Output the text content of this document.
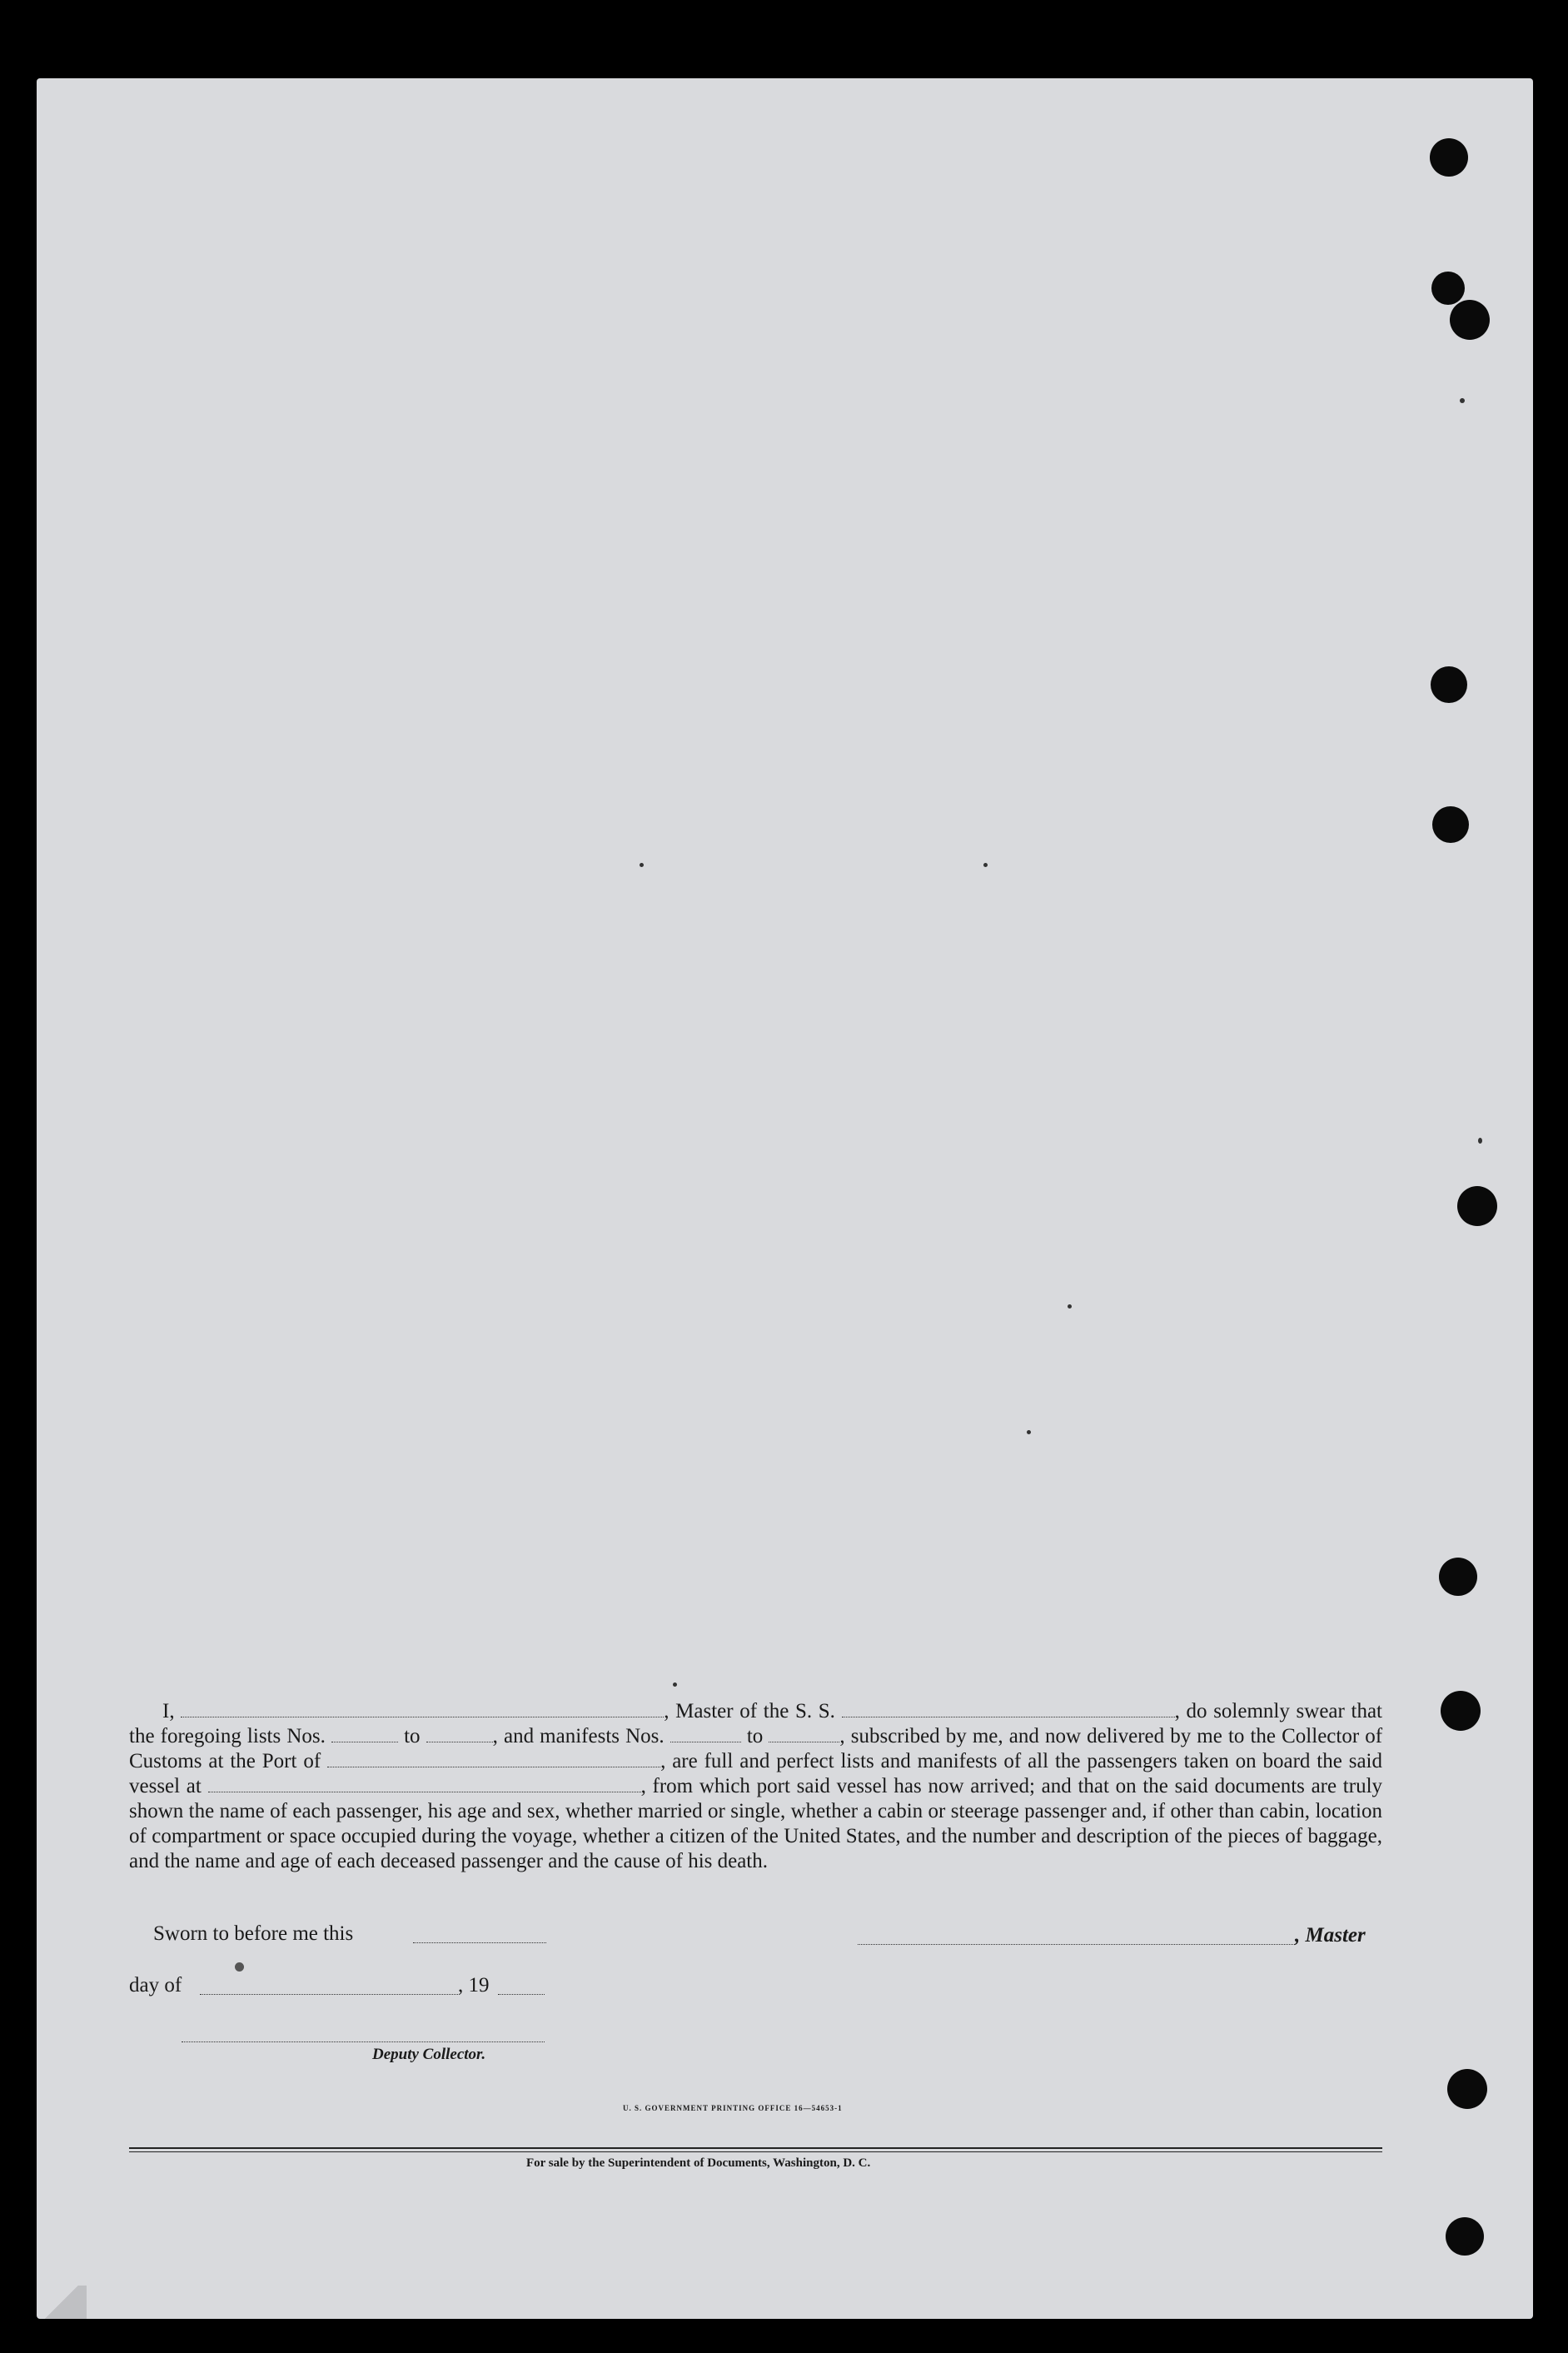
I,	, Master of the S. S.	, do solemnly swear that the foregoing lists Nos.	to	, and manifests Nos.	to	, subscribed by me, and now delivered by me to the Collector of Customs at the Port of	, are full and perfect lists and manifests of all the passengers taken on board the said vessel at	, from which port said vessel has now arrived; and that on the said documents are truly shown the name of each passenger, his age and sex, whether married or single, whether a cabin or steerage passenger and, if other than cabin, location of compartment or space occupied during the voyage, whether a citizen of the United States, and the number and description of the pieces of baggage, and the name and age of each deceased passenger and the cause of his death.
Sworn to before me this	, Master
day of	, 19
Deputy Collector.
U. S. GOVERNMENT PRINTING OFFICE 16—54653-1
For sale by the Superintendent of Documents, Washington, D. C.
